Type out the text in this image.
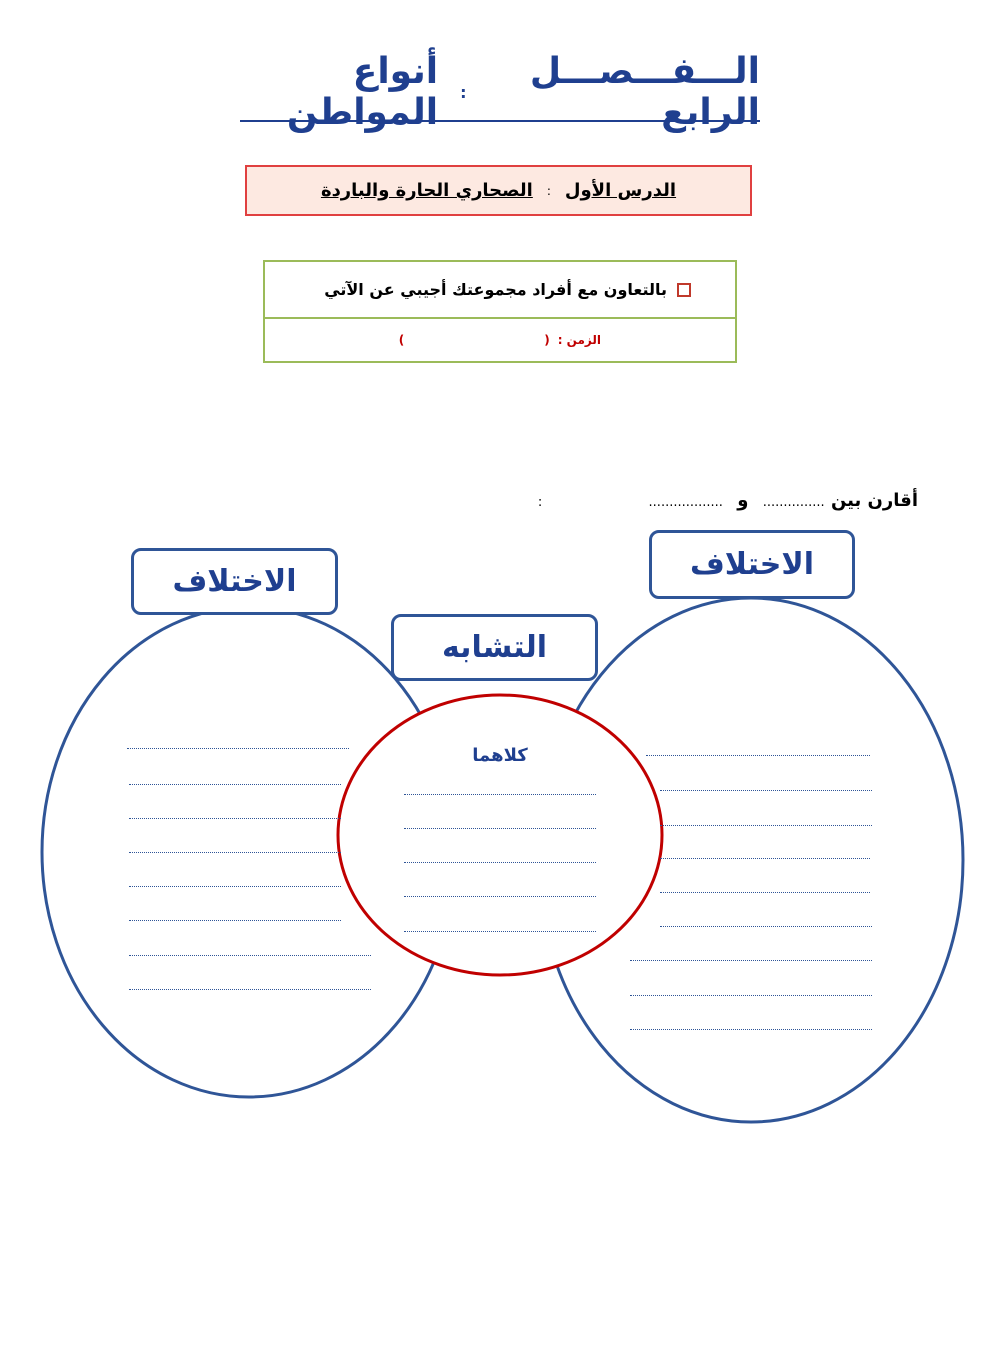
الـــفـــصـــل الرابع
:
أنواع المواطن
الدرس الأول
:
الصحاري الحارة والباردة
بالتعاون مع أفراد مجموعتك أجيبي عن الآتي
الزمن :
(
)
أقارن بين ............... و .................. :
الاختلاف	الاختلاف
التشابه
كلاهما
